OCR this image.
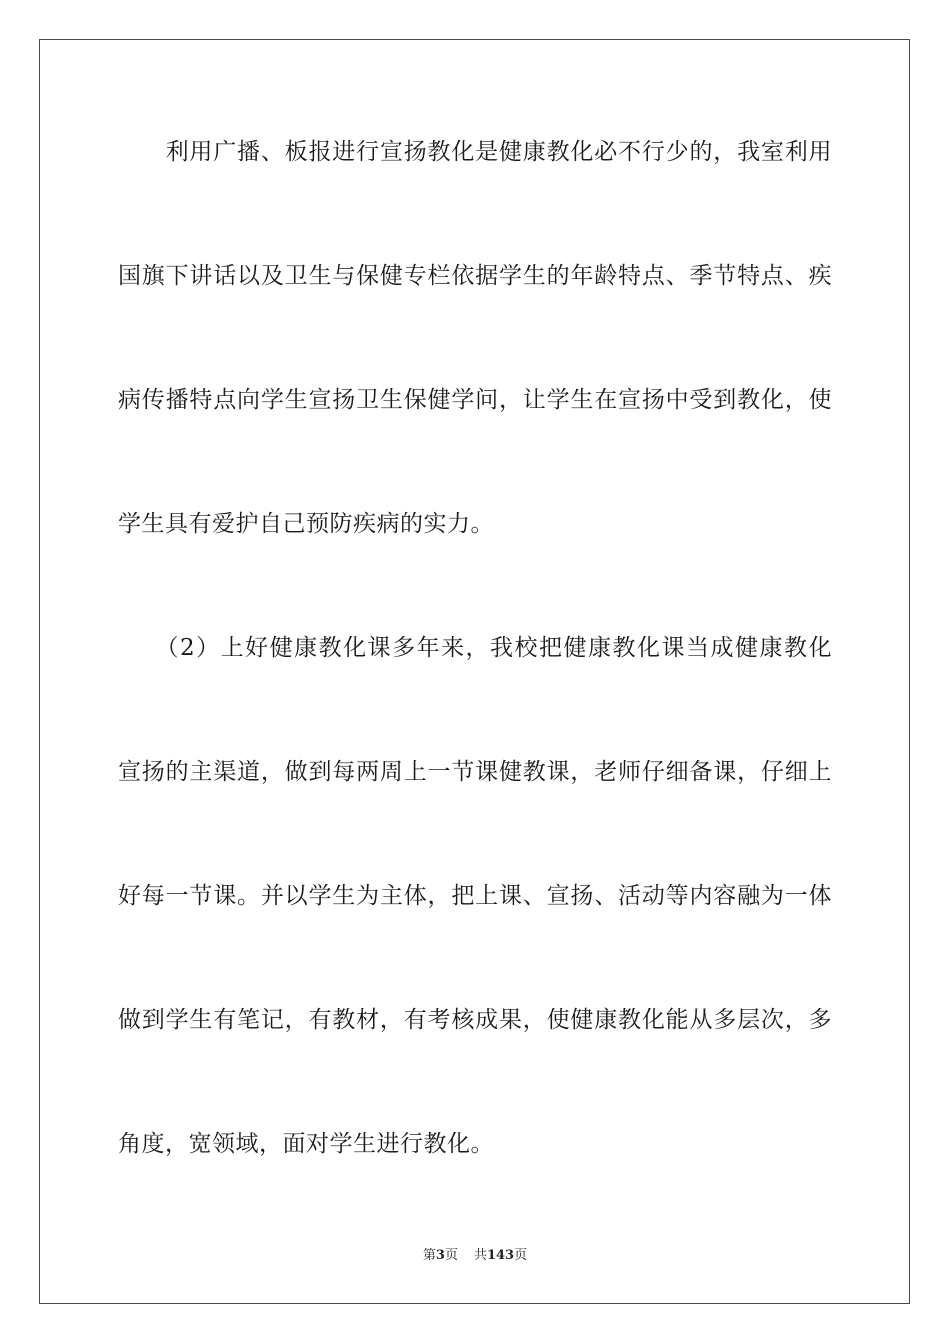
　　利用广播、板报进行宣扬教化是健康教化必不行少的，我室利用
国旗下讲话以及卫生与保健专栏依据学生的年龄特点、季节特点、疾
病传播特点向学生宣扬卫生保健学问，让学生在宣扬中受到教化，使
学生具有爱护自己预防疾病的实力。
　　（2）上好健康教化课多年来，我校把健康教化课当成健康教化
宣扬的主渠道，做到每两周上一节课健教课，老师仔细备课，仔细上
好每一节课。并以学生为主体，把上课、宣扬、活动等内容融为一体
做到学生有笔记，有教材，有考核成果，使健康教化能从多层次，多
角度，宽领域，面对学生进行教化。
第3页 共143页
